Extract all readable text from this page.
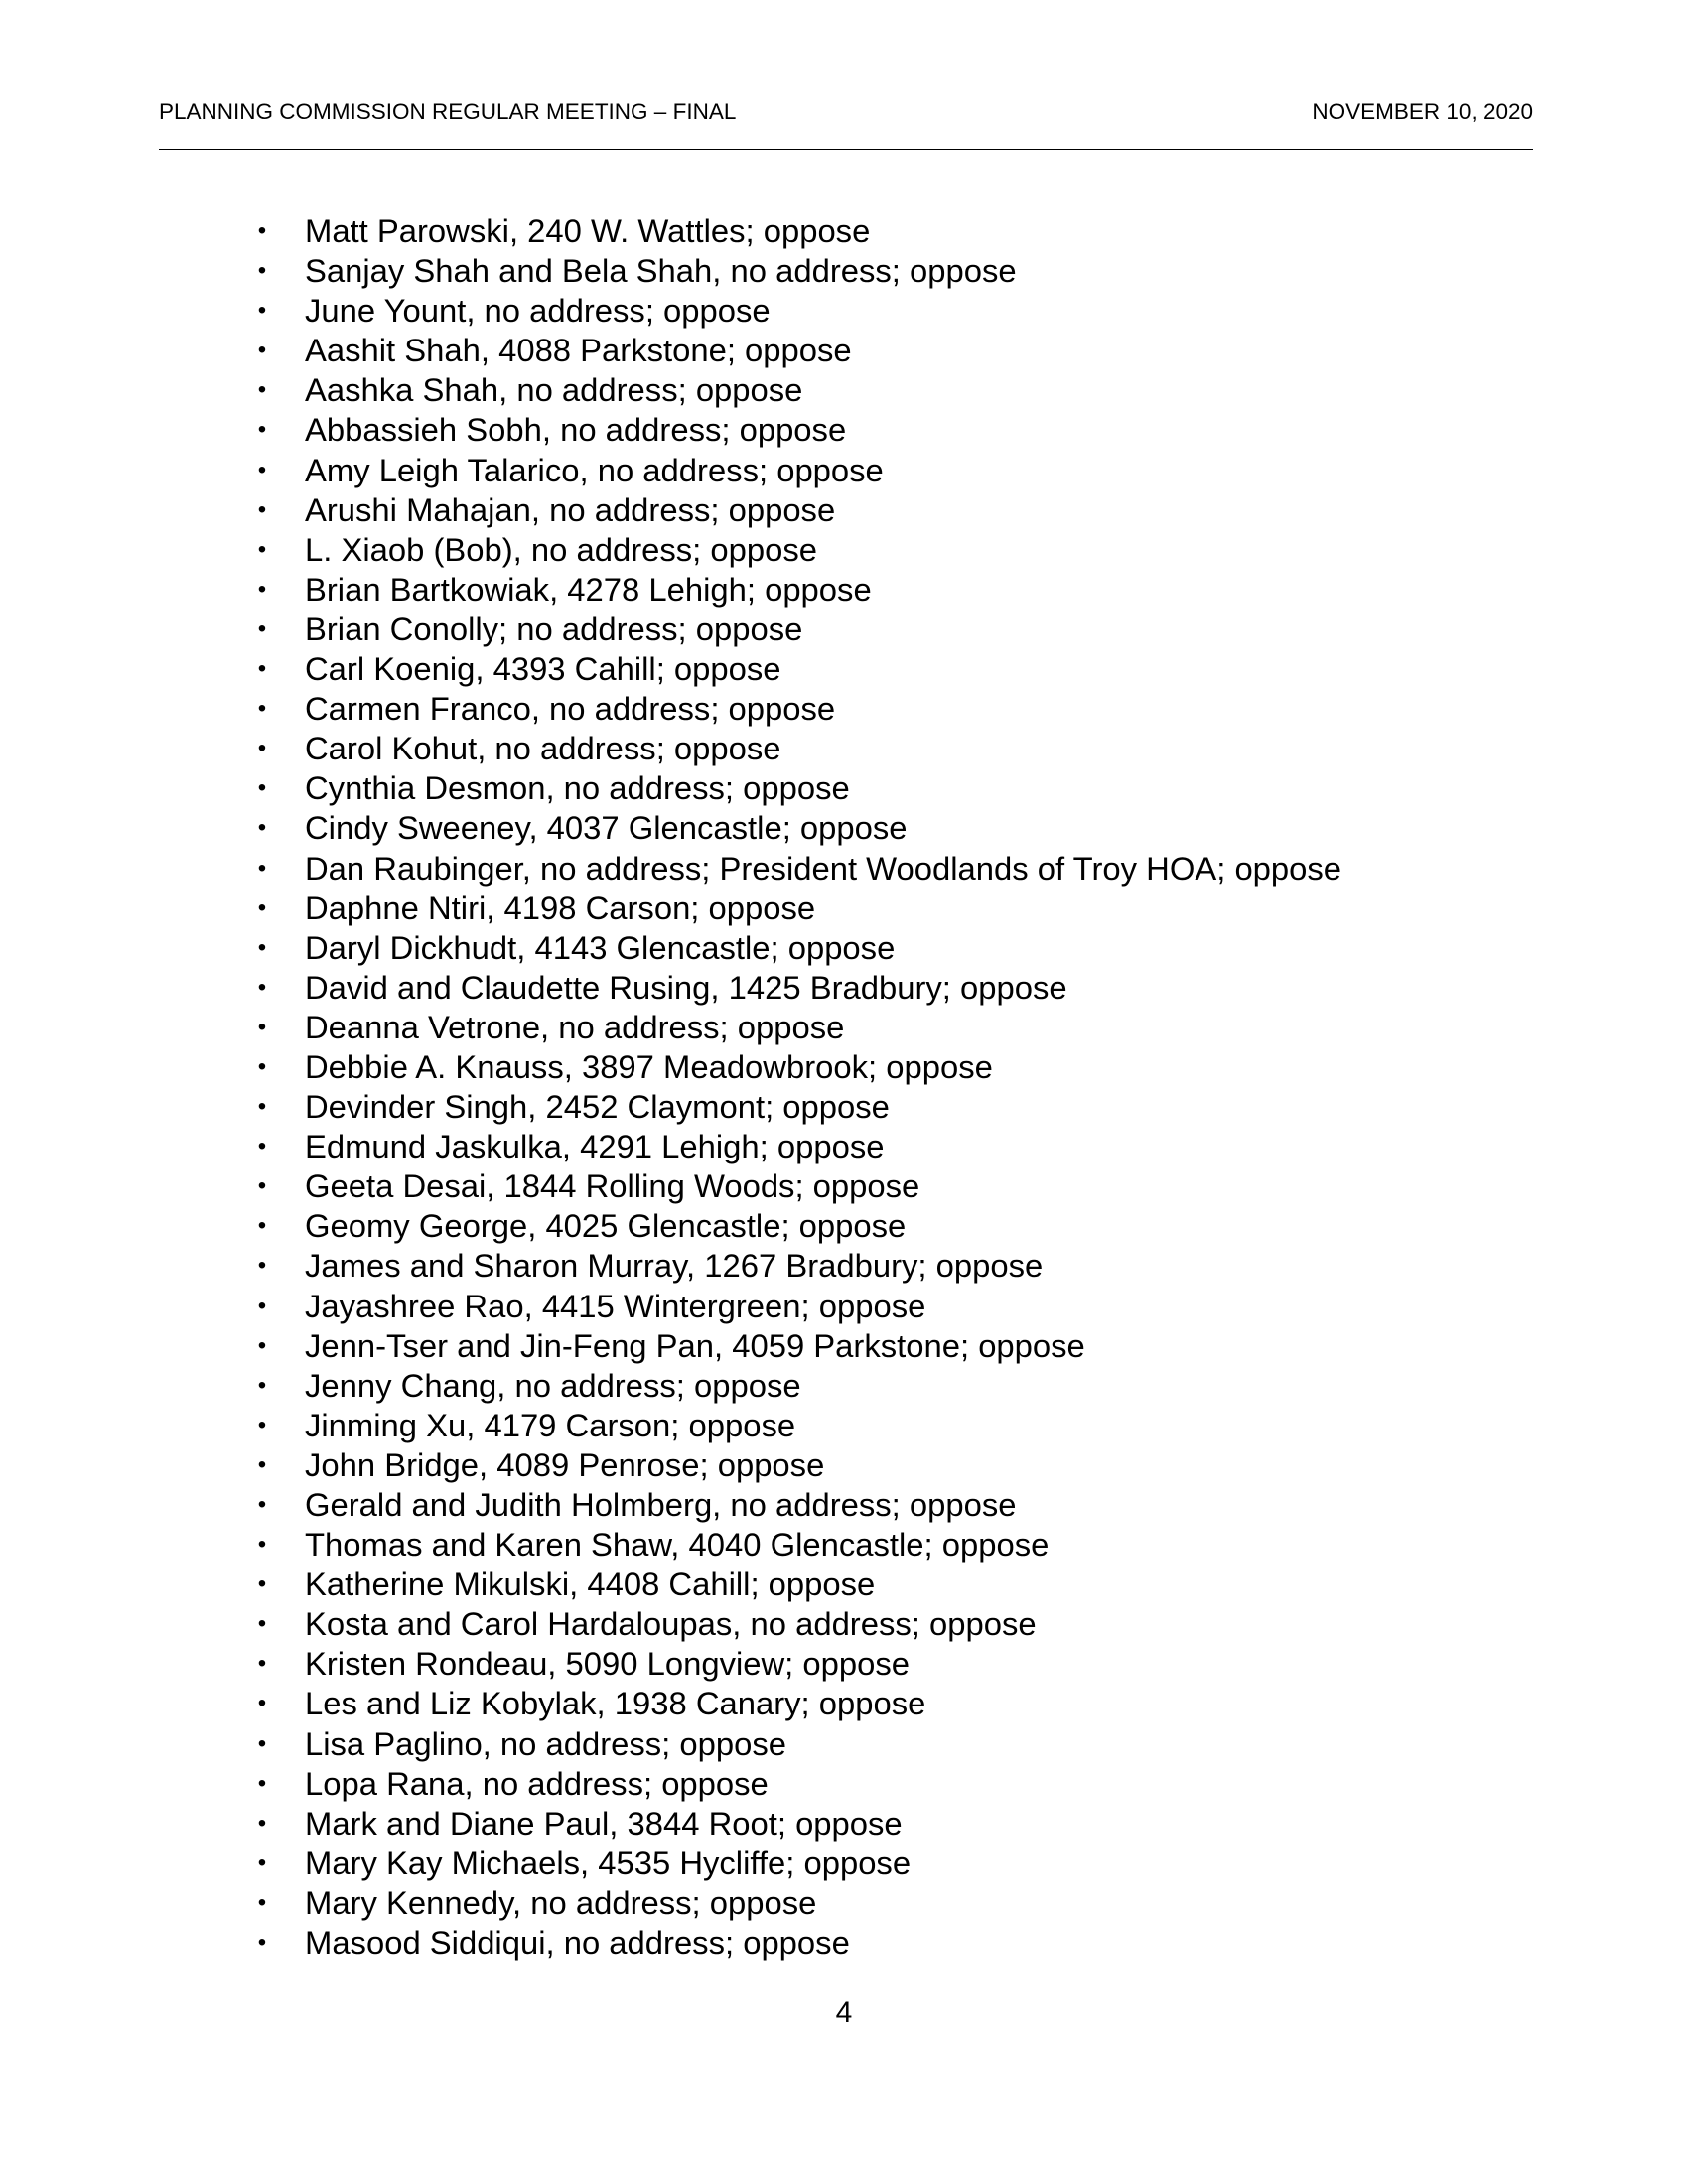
PLANNING COMMISSION REGULAR MEETING – FINAL	NOVEMBER 10, 2020
• Matt Parowski, 240 W. Wattles; oppose
• Sanjay Shah and Bela Shah, no address; oppose
• June Yount, no address; oppose
• Aashit Shah, 4088 Parkstone; oppose
• Aashka Shah, no address; oppose
• Abbassieh Sobh, no address; oppose
• Amy Leigh Talarico, no address; oppose
• Arushi Mahajan, no address; oppose
• L. Xiaob (Bob), no address; oppose
• Brian Bartkowiak, 4278 Lehigh; oppose
• Brian Conolly; no address; oppose
• Carl Koenig, 4393 Cahill; oppose
• Carmen Franco, no address; oppose
• Carol Kohut, no address; oppose
• Cynthia Desmon, no address; oppose
• Cindy Sweeney, 4037 Glencastle; oppose
• Dan Raubinger, no address; President Woodlands of Troy HOA; oppose
• Daphne Ntiri, 4198 Carson; oppose
• Daryl Dickhudt, 4143 Glencastle; oppose
• David and Claudette Rusing, 1425 Bradbury; oppose
• Deanna Vetrone, no address; oppose
• Debbie A. Knauss, 3897 Meadowbrook; oppose
• Devinder Singh, 2452 Claymont; oppose
• Edmund Jaskulka, 4291 Lehigh; oppose
• Geeta Desai, 1844 Rolling Woods; oppose
• Geomy George, 4025 Glencastle; oppose
• James and Sharon Murray, 1267 Bradbury; oppose
• Jayashree Rao, 4415 Wintergreen; oppose
• Jenn-Tser and Jin-Feng Pan, 4059 Parkstone; oppose
• Jenny Chang, no address; oppose
• Jinming Xu, 4179 Carson; oppose
• John Bridge, 4089 Penrose; oppose
• Gerald and Judith Holmberg, no address; oppose
• Thomas and Karen Shaw, 4040 Glencastle; oppose
• Katherine Mikulski, 4408 Cahill; oppose
• Kosta and Carol Hardaloupas, no address; oppose
• Kristen Rondeau, 5090 Longview; oppose
• Les and Liz Kobylak, 1938 Canary; oppose
• Lisa Paglino, no address; oppose
• Lopa Rana, no address; oppose
• Mark and Diane Paul, 3844 Root; oppose
• Mary Kay Michaels, 4535 Hycliffe; oppose
• Mary Kennedy, no address; oppose
• Masood Siddiqui, no address; oppose
4
